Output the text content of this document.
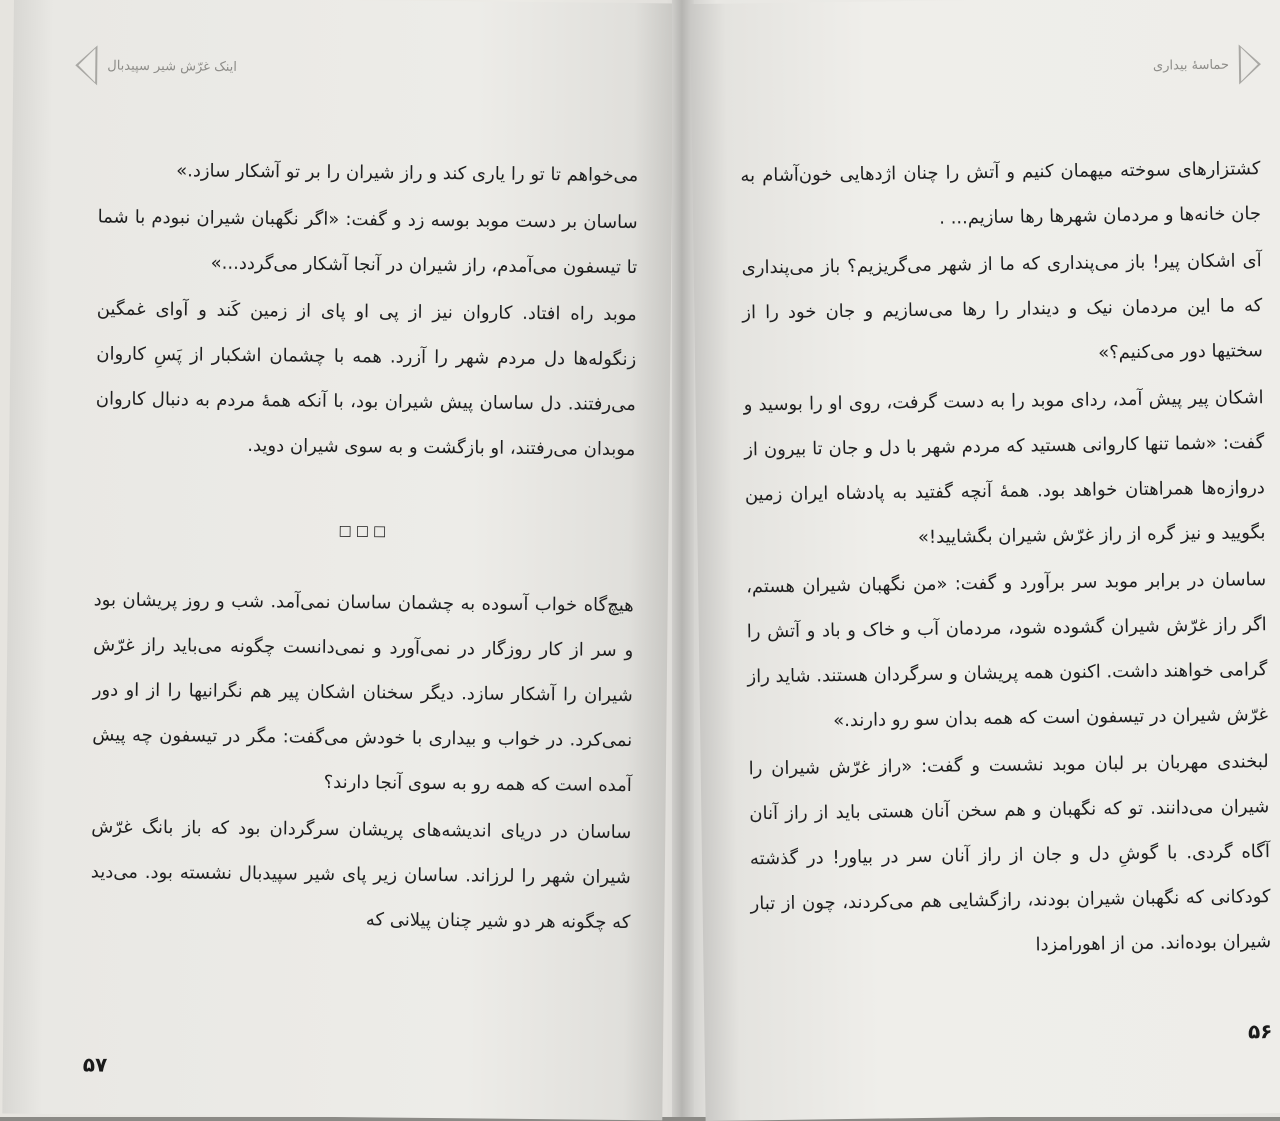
اینک غرّش شیر سپیدبال

می‌خواهم تا تو را یاری کند و راز شیران را بر تو آشکار سازد.»

ساسان بر دست موبد بوسه زد و گفت: «اگر نگهبان شیران نبودم با شما تا تیسفون می‌آمدم، راز شیران در آنجا آشکار می‌گردد...»

موبد راه افتاد. کاروان نیز از پی او پای از زمین کَند و آوای غمگین زنگوله‌ها دل مردم شهر را آزرد. همه با چشمان اشکبار از پَسِ کاروان می‌رفتند. دل ساسان پیش شیران بود، با آنکه همهٔ مردم به دنبال کاروان موبدان می‌رفتند، او بازگشت و به سوی شیران دوید.

□□□

هیچ‌گاه خواب آسوده به چشمان ساسان نمی‌آمد. شب و روز پریشان بود و سر از کار روزگار در نمی‌آورد و نمی‌دانست چگونه می‌باید راز غرّش شیران را آشکار سازد. دیگر سخنان اشکان پیر هم نگرانیها را از او دور نمی‌کرد. در خواب و بیداری با خودش می‌گفت: مگر در تیسفون چه پیش آمده است که همه رو به سوی آنجا دارند؟

ساسان در دریای اندیشه‌های پریشان سرگردان بود که باز بانگ غرّش شیران شهر را لرزاند. ساسان زیر پای شیر سپیدبال نشسته بود. می‌دید که چگونه هر دو شیر چنان پیلانی که

۵۷
حماسهٔ بیداری

کشتزارهای سوخته میهمان کنیم و آتش را چنان اژدهایی خون‌آشام به جان خانه‌ها و مردمان شهرها رها سازیم... .

آی اشکان پیر! باز می‌پنداری که ما از شهر می‌گریزیم؟ باز می‌پنداری که ما این مردمان نیک و دیندار را رها می‌سازیم و جان خود را از سختیها دور می‌کنیم؟»

اشکان پیر پیش آمد، ردای موبد را به دست گرفت، روی او را بوسید و گفت: «شما تنها کاروانی هستید که مردم شهر با دل و جان تا بیرون از دروازه‌ها همراهتان خواهد بود. همهٔ آنچه گفتید به پادشاه ایران زمین بگویید و نیز گره از راز غرّش شیران بگشایید!»

ساسان در برابر موبد سر برآورد و گفت: «من نگهبان شیران هستم، اگر راز غرّش شیران گشوده شود، مردمان آب و خاک و باد و آتش را گرامی خواهند داشت. اکنون همه پریشان و سرگردان هستند. شاید راز غرّش شیران در تیسفون است که همه بدان سو رو دارند.»

لبخندی مهربان بر لبان موبد نشست و گفت: «راز غرّش شیران را شیران می‌دانند. تو که نگهبان و هم سخن آنان هستی باید از راز آنان آگاه گردی. با گوشِ دل و جان از راز آنان سر در بیاور! در گذشته کودکانی که نگهبان شیران بودند، رازگشایی هم می‌کردند، چون از تبار شیران بوده‌اند. من از اهورامزدا

۵۶
